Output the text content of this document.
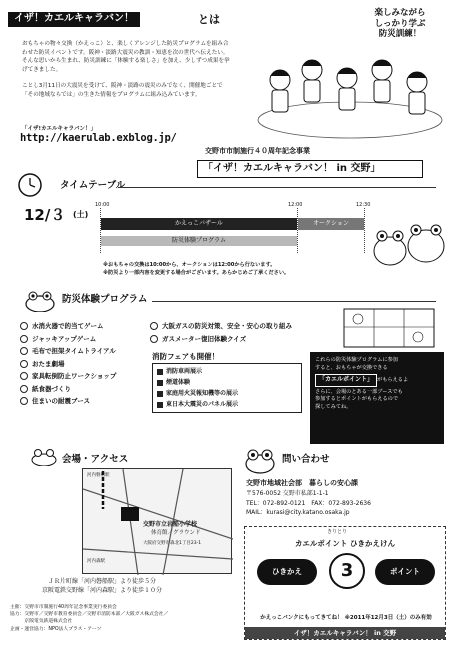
イザ！カエルキャラバン！	とは
おもちゃの物々交換（かえっこ）と、楽しくアレンジした防災プログラムを組み合
わせた防災イベントです。阪神・淡路大震災の教訓・知恵を次の世代へ伝えたい。
そんな思いから生まれ、防災訓練に「体験する楽しさ」を加え、少しずつ成果を挙
げてきました。
ことし3月11日の大震災を受けて、阪神・淡路の震災のみでなく、開催地ごとで
「その地域ならでは」の生きた情報をプログラムに組み込みています。
「イザ!カエルキャラバン！」
http://kaerulab.exblog.jp/
楽しみながら
しっかり学ぶ
防災訓練！
交野市市制施行４０周年記念事業
「イザ！カエルキャラバン！ in 交野」
タイムテーブル
12/３ (土)
10:00	12:00	12:30
かえっこバザール	オークション
防災体験プログラム
※おもちゃの交換は10:00から、オークションは12:00から行ないます。
※防災より一部内容を変更する場合がございます。あらかじめご了承ください。
防災体験プログラム
水消火器で的当てゲーム
ジャッキアップゲーム
毛布で担架タイムトライアル
おたま劇場
家具転倒防止ワークショップ
紙食器づくり
住まいの耐震ブース
大阪ガスの防災対策、安全・安心の取り組み
ガスメーター復旧体験クイズ
消防フェアも開催！
消防車両展示
煙道体験
家庭用火災報知機等の展示
東日本大震災のパネル展示
これらの防災体験プログラムに参加
すると、おもちゃが交換できる
「カエルポイント」 がもらえるよ
さらに、会場のとある一部ブースでも
参加するとポイントがもらえるので
探してみてね。
会場・アクセス
河内磐船駅
河内森駅
交野市立岩船小学校
体育館／グラウンド
大阪府交野市森北1丁目23-1
ＪＲ片町線「河内磐船駅」より徒歩５分
京阪電鉄交野線「河内森駅」より徒歩１０分
主催：交野市市制施行40周年記念事業実行委員会
協力：交野市／交野市教育委員会／交野市消防本部／大阪ガス株式会社／
　　　京阪電気鉄道株式会社
企画・運営協力：NPO法人プラス・アーツ
問い合わせ
交野市地域社会部　暮らしの安心課
〒576-0052 交野市私部1-1-1
TEL：072-892-0121　FAX：072-893-2636
MAIL：kurasi@city.katano.osaka.jp
きりとり
カエルポイント ひきかえけん
ひきかえ	3	ポイント
かえっこバンクにもってきてね！ ※2011年12月3日（土）のみ有効
イザ！カエルキャラバン！ in 交野
